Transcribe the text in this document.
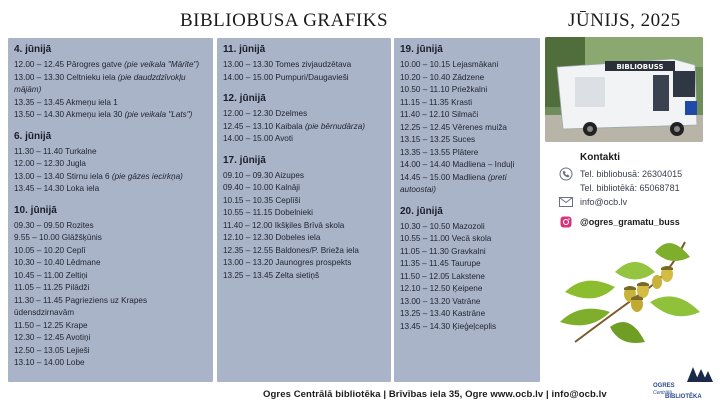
BIBLIOBUSA GRAFIKS	JŪNIJS, 2025
4. jūnijā
12.00 – 12.45 Pārogres gatve (pie veikala "Mārīte")
13.00 – 13.30 Celtnieku iela (pie daudzdzīvokļu
mājām)
13.35 – 13.45 Akmeņu iela 1
13.50 – 14.30 Akmeņu iela 30 (pie veikala "Lats")
6. jūnijā
11.30 – 11.40 Turkalne
12.00 – 12.30 Jugla
13.00 – 13.40 Stirnu iela 6 (pie gāzes iecirkņa)
13.45 – 14.30 Loka iela
10. jūnijā
09.30 – 09.50 Rozites
9.55 – 10.00 Glāžšķūnis
10.05 – 10.20 Ceplī
10.30 – 10.40 Lēdmane
10.45 – 11.00 Zeltiņi
11.05 – 11.25 Pilādži
11.30 – 11.45 Pagrieziens uz Krapes ūdensdzirnavām
11.50 – 12.25 Krape
12.30 – 12.45 Avotiņi
12.50 – 13.05 Lejieši
13.10 – 14.00 Lobe
11. jūnijā
13.00 – 13.30 Tomes zivjaudzētava
14.00 – 15.00 Pumpuri/Daugavieši
12. jūnijā
12.00 – 12.30 Dzelmes
12.45 – 13.10 Kaibala (pie bērnudārza)
14.00 – 15.00 Avoti
17. jūnijā
09.10 – 09.30 Aizupes
09.40 – 10.00 Kalnāji
10.15 – 10.35 Ceplīši
10.55 – 11.15 Dobelnieki
11.40 – 12.00 Ikšķiles Brīvā skola
12.10 – 12.30 Dobeles iela
12.35 – 12.55 Baldones/P. Brieža iela
13.00 – 13.20 Jaunogres prospekts
13.25 – 13.45 Zelta sietiņš
19. jūnijā
10.00 – 10.15 Lejasmākani
10.20 – 10.40 Zādzene
10.50 – 11.10 Priežkalni
11.15 – 11.35 Krasti
11.40 – 12.10 Silmači
12.25 – 12.45 Vērenes muiža
13.15 – 13.25 Suces
13.35 – 13.55 Plātere
14.00 – 14.40 Madliena – Induļi
14.45 – 15.00 Madliena (preti
autoostai)
20. jūnijā
10.30 – 10.50 Mazozoli
10.55 – 11.00 Vecā skola
11.05 – 11.30 Gravkalni
11.35 – 11.45 Taurupe
11.50 – 12.05 Lakstene
12.10 – 12.50 Ķeipene
13.00 – 13.20 Vatrāne
13.25 – 13.40 Kastrāne
13.45 – 14.30 Ķieģeļceplis
BIBLIOBUSS
Kontakti
Tel. bibliobusā: 26304015
Tel. bibliotēkā: 65068781
info@ocb.lv
@ogres_gramatu_buss
Ogres Centrālā bibliotēka | Brīvības iela 35, Ogre www.ocb.lv | info@ocb.lv
OGRES
Centrālā
BIBLIOTĒKA
